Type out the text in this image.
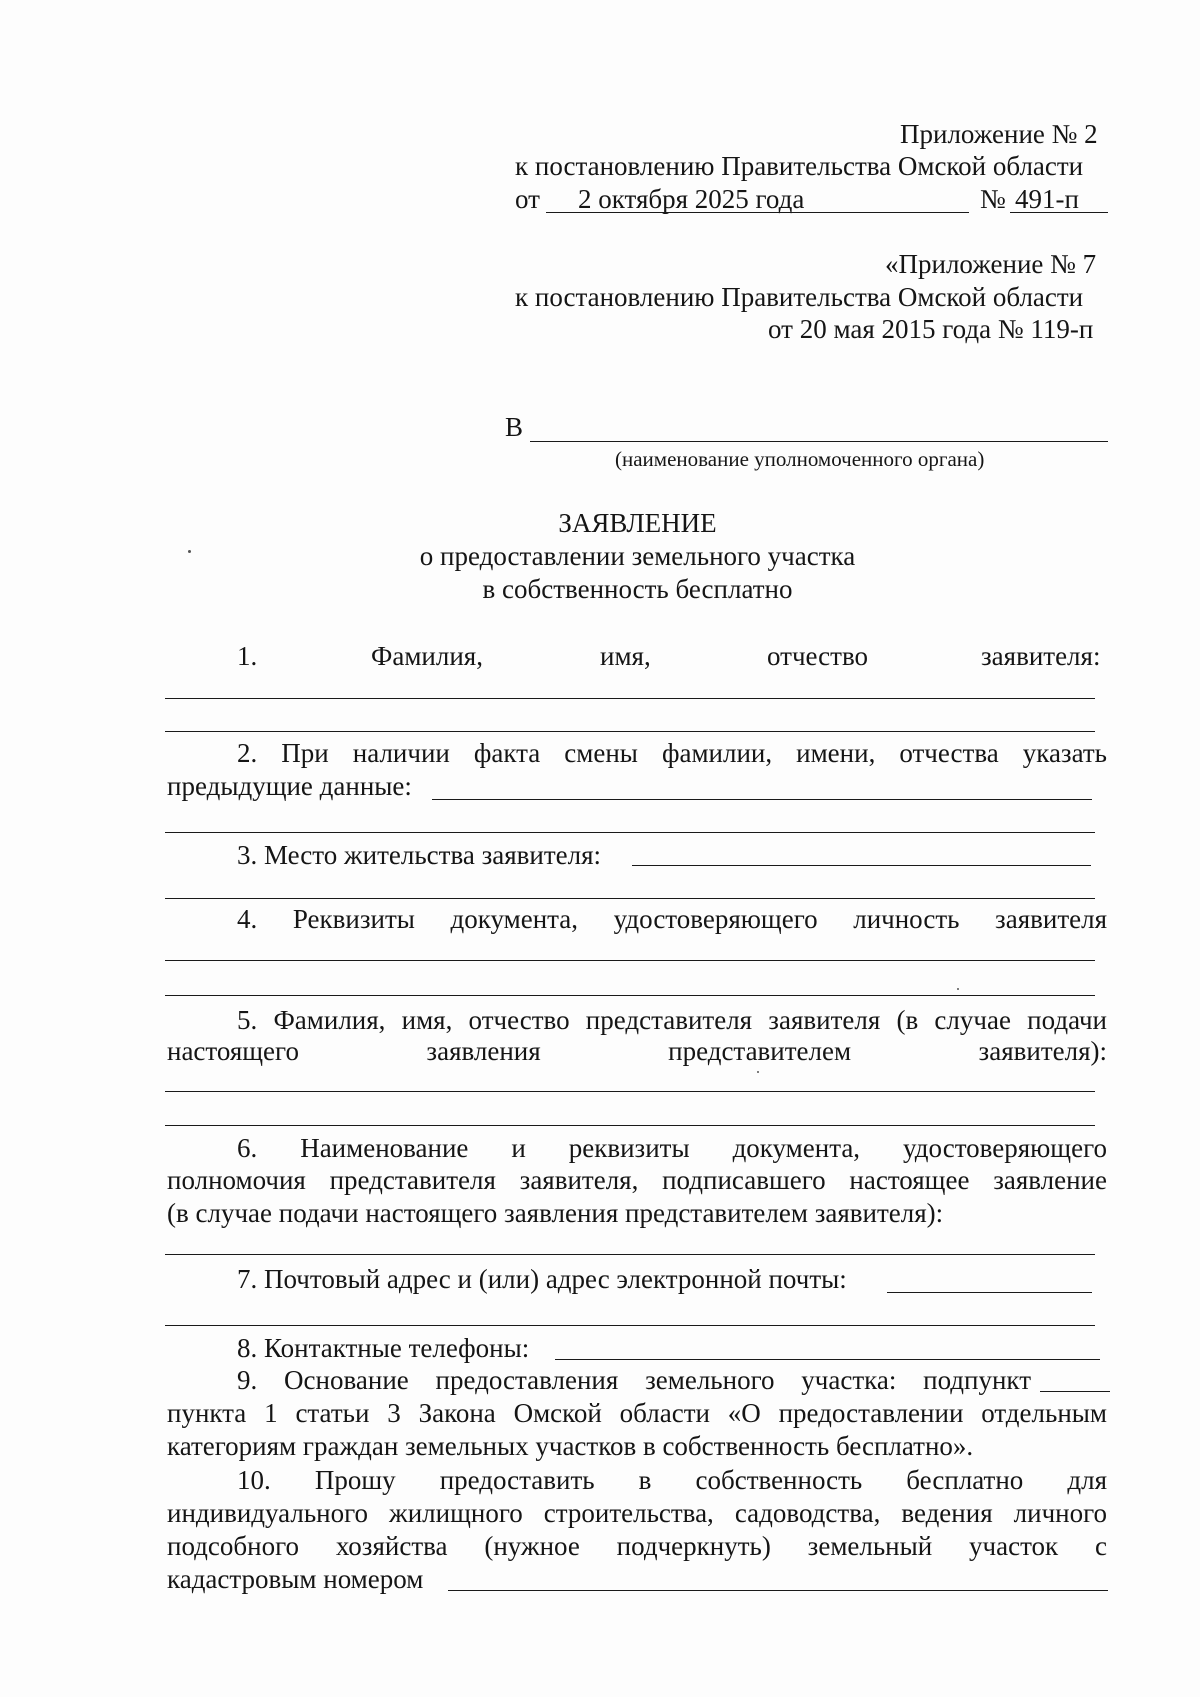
Приложение № 2
к постановлению Правительства Омской области
от 2 октября 2025 года	№ 491-п
«Приложение № 7
к постановлению Правительства Омской области
от 20 мая 2015 года № 119-п
В
(наименование уполномоченного органа)
ЗАЯВЛЕНИЕ
о предоставлении земельного участка
в собственность бесплатно
1.	Фамилия,	имя,	отчество	заявителя:
2. При наличии факта смены фамилии, имени, отчества указать
предыдущие данные:
3. Место жительства заявителя:
4. Реквизиты документа, удостоверяющего личность заявителя
5. Фамилия, имя, отчество представителя заявителя (в случае подачи
настоящего заявления представителем заявителя):
6. Наименование и реквизиты документа, удостоверяющего
полномочия представителя заявителя, подписавшего настоящее заявление
(в случае подачи настоящего заявления представителем заявителя):
7. Почтовый адрес и (или) адрес электронной почты:
8. Контактные телефоны:
9. Основание предоставления земельного участка: подпункт
пункта 1 статьи 3 Закона Омской области «О предоставлении отдельным
категориям граждан земельных участков в собственность бесплатно».
10. Прошу предоставить в собственность бесплатно для
индивидуального жилищного строительства, садоводства, ведения личного
подсобного хозяйства (нужное подчеркнуть) земельный участок с
кадастровым номером
